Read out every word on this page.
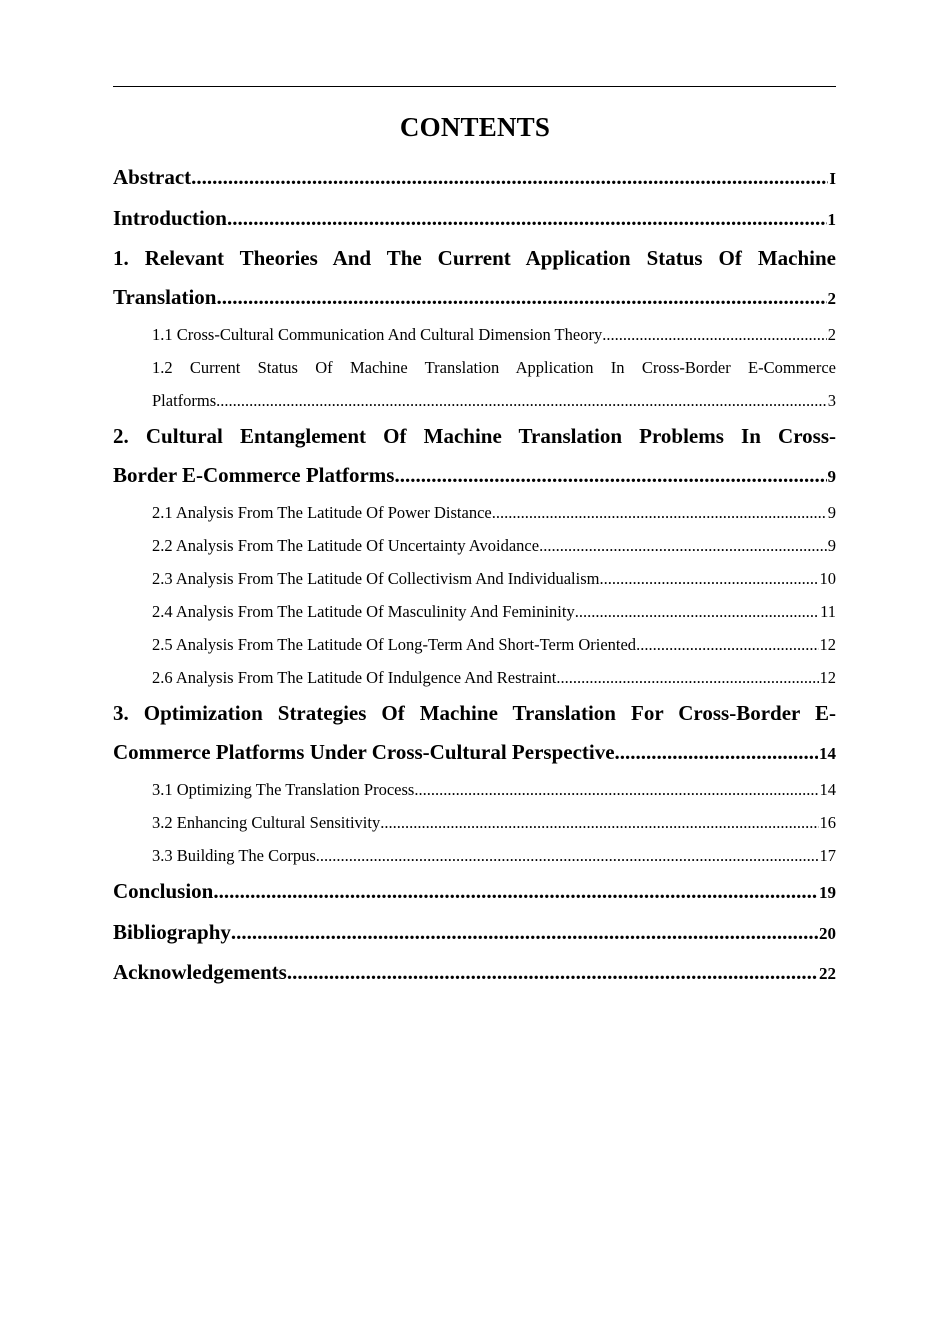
CONTENTS
Abstract .....	I
Introduction .....	1
1. Relevant Theories And The Current Application Status Of Machine
Translation .....	2
1.1 Cross-Cultural Communication And Cultural Dimension Theory .....	2
1.2 Current Status Of Machine Translation Application In Cross-Border E-Commerce
Platforms .....	3
2. Cultural Entanglement Of Machine Translation Problems In Cross-
Border E-Commerce Platforms .....	9
2.1 Analysis From The Latitude Of Power Distance .....	9
2.2 Analysis From The Latitude Of Uncertainty Avoidance .....	9
2.3 Analysis From The Latitude Of Collectivism And Individualism .....	10
2.4 Analysis From The Latitude Of Masculinity And Femininity .....	11
2.5 Analysis From The Latitude Of Long-Term And Short-Term Oriented .....	12
2.6 Analysis From The Latitude Of Indulgence And Restraint .....	12
3. Optimization Strategies Of Machine Translation For Cross-Border E-
Commerce Platforms Under Cross-Cultural Perspective .....	14
3.1 Optimizing The Translation Process .....	14
3.2 Enhancing Cultural Sensitivity .....	16
3.3 Building The Corpus .....	17
Conclusion .....	19
Bibliography .....	20
Acknowledgements .....	22
